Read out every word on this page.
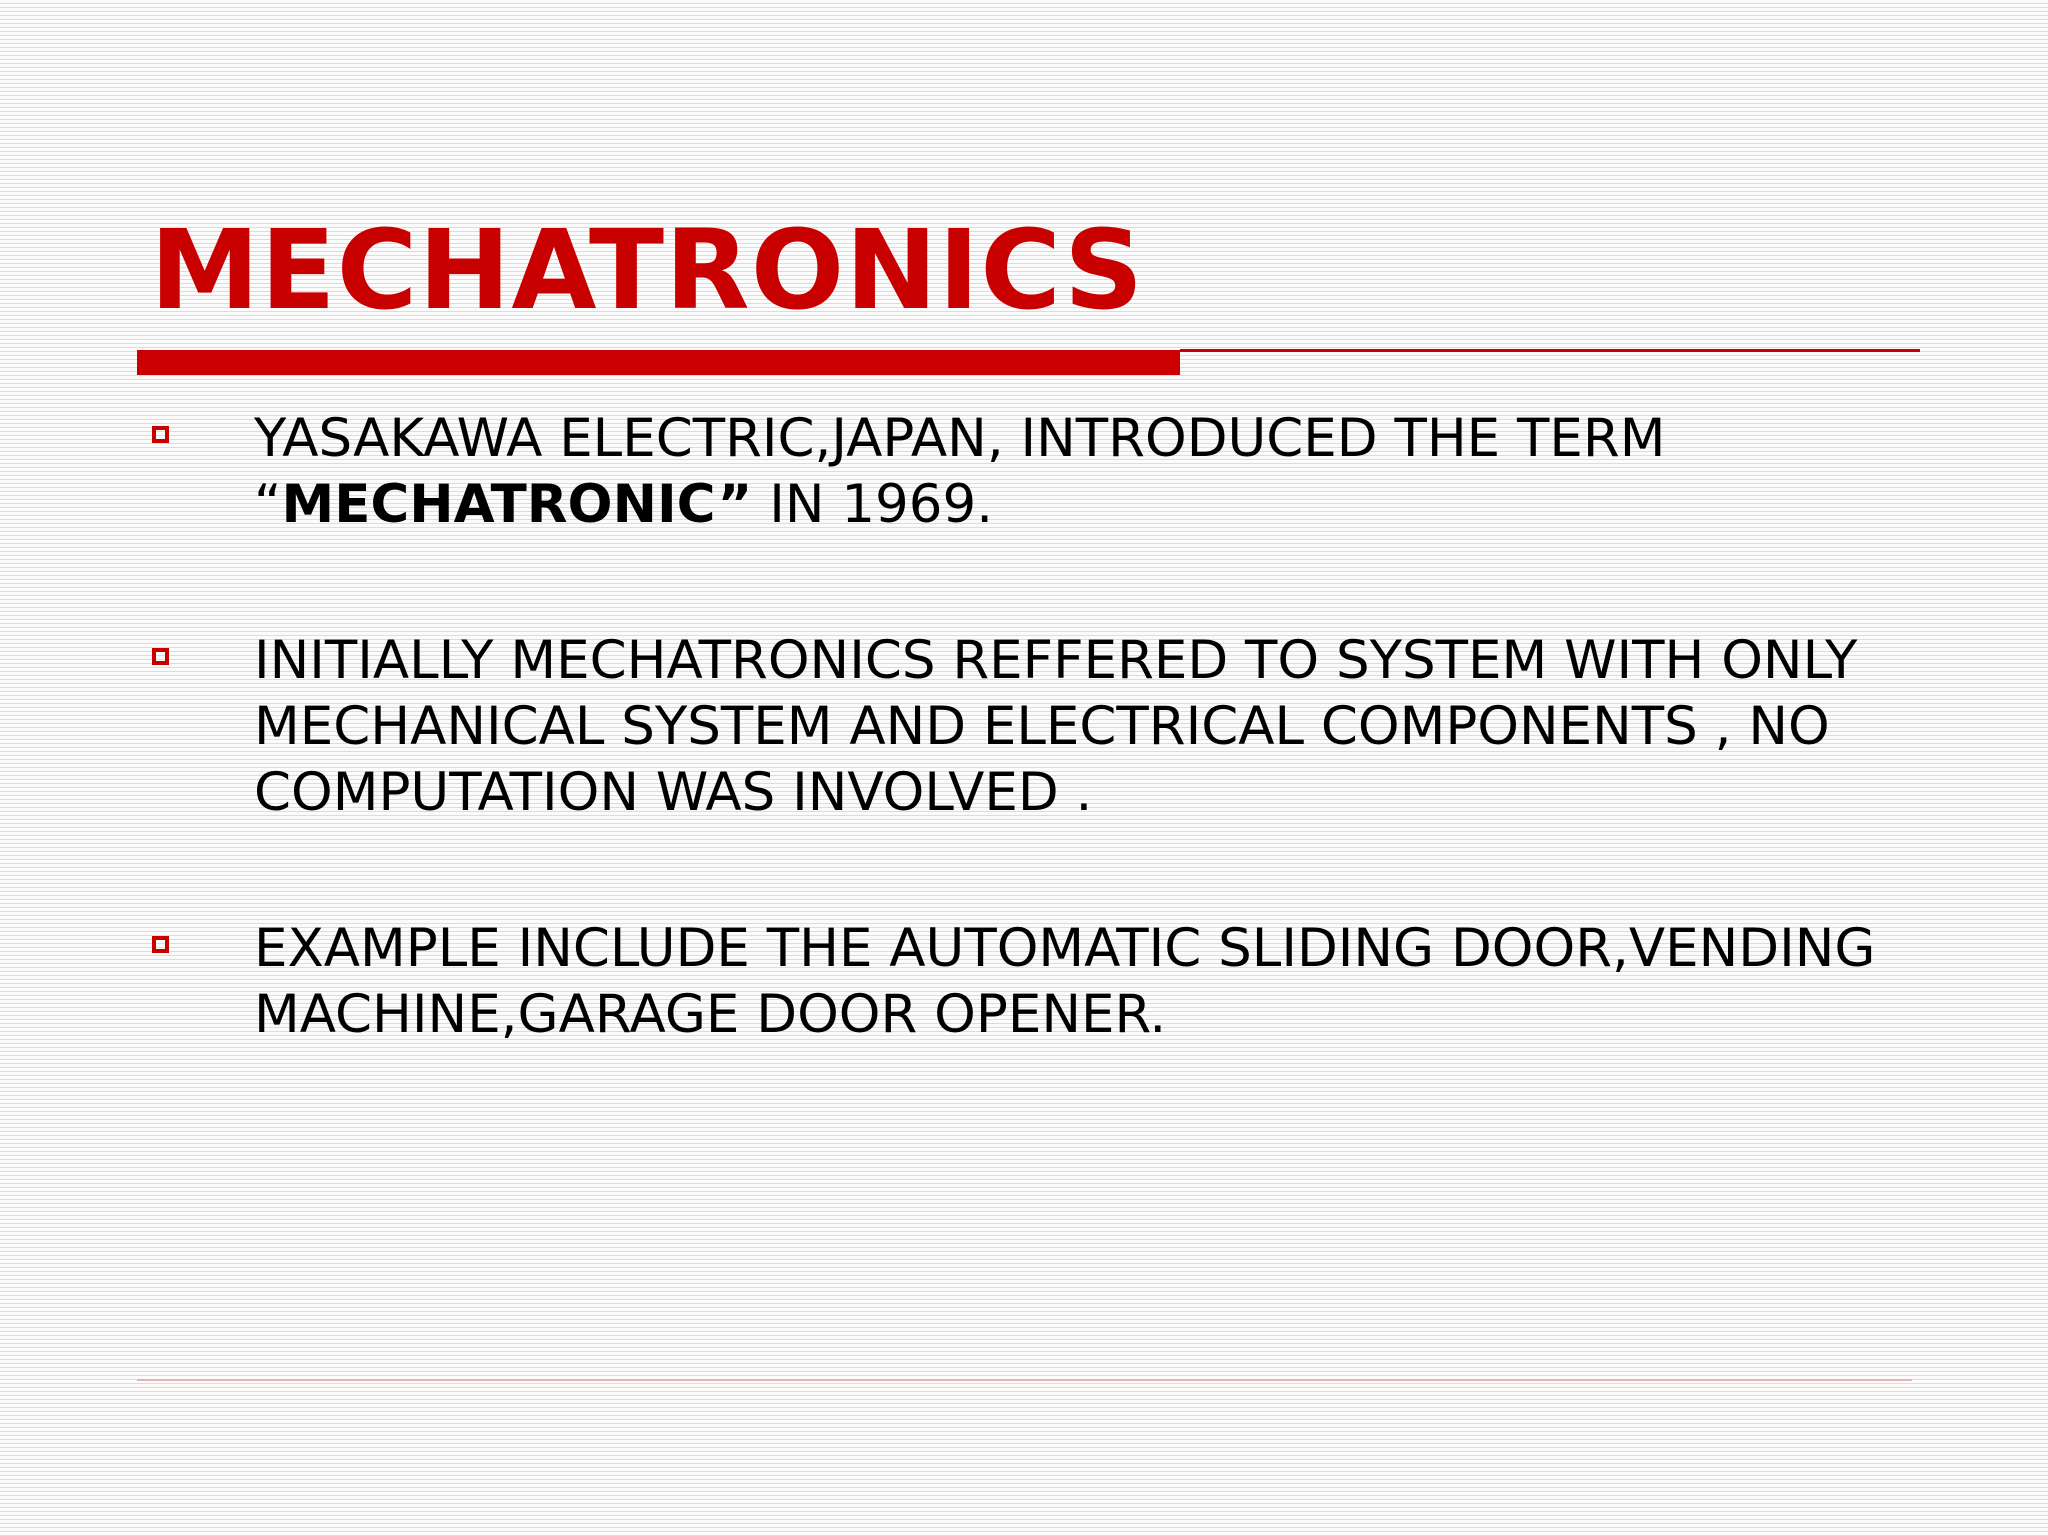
MECHATRONICS
YASAKAWA ELECTRIC,JAPAN, INTRODUCED THE TERM “MECHATRONIC” IN 1969.
INITIALLY MECHATRONICS REFFERED TO SYSTEM WITH ONLY MECHANICAL SYSTEM AND ELECTRICAL COMPONENTS , NO COMPUTATION WAS INVOLVED .
EXAMPLE INCLUDE THE AUTOMATIC SLIDING DOOR,VENDING MACHINE,GARAGE DOOR OPENER.
